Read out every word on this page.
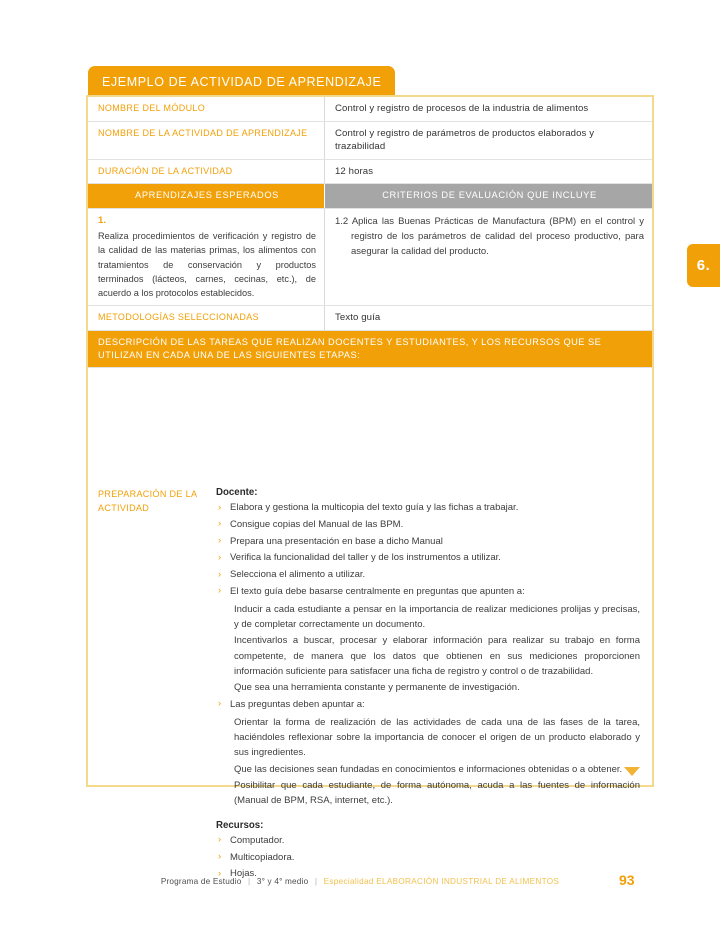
6.
EJEMPLO DE ACTIVIDAD DE APRENDIZAJE
NOMBRE DEL MÓDULO	Control y registro de procesos de la industria de alimentos
NOMBRE DE LA ACTIVIDAD DE APRENDIZAJE	Control y registro de parámetros de productos elaborados y trazabilidad
DURACIÓN DE LA ACTIVIDAD	12 horas
APRENDIZAJES ESPERADOS	CRITERIOS DE EVALUACIÓN QUE INCLUYE

1.
Realiza procedimientos de verificación y registro de la calidad de las materias primas, los alimentos con tratamientos de conservación y productos terminados (lácteos, carnes, cecinas, etc.), de acuerdo a los protocolos establecidos.	1.2 Aplica las Buenas Prácticas de Manufactura (BPM) en el control y registro de los parámetros de calidad del proceso productivo, para asegurar la calidad del producto.

METODOLOGÍAS SELECCIONADAS	Texto guía
DESCRIPCIÓN DE LAS TAREAS QUE REALIZAN DOCENTES Y ESTUDIANTES, Y LOS RECURSOS QUE SE UTILIZAN EN CADA UNA DE LAS SIGUIENTES ETAPAS:	
PREPARACIÓN DE LA ACTIVIDAD
Docente:
› Elabora y gestiona la multicopia del texto guía y las fichas a trabajar.
› Consigue copias del Manual de las BPM.
› Prepara una presentación en base a dicho Manual
› Verifica la funcionalidad del taller y de los instrumentos a utilizar.
› Selecciona el alimento a utilizar.
› El texto guía debe basarse centralmente en preguntas que apunten a:
Inducir a cada estudiante a pensar en la importancia de realizar mediciones prolijas y precisas, y de completar correctamente un documento.
Incentivarlos a buscar, procesar y elaborar información para realizar su trabajo en forma competente, de manera que los datos que obtienen en sus mediciones proporcionen información suficiente para satisfacer una ficha de registro y control o de trazabilidad.
Que sea una herramienta constante y permanente de investigación.
› Las preguntas deben apuntar a:
Orientar la forma de realización de las actividades de cada una de las fases de la tarea, haciéndoles reflexionar sobre la importancia de conocer el origen de un producto elaborado y sus ingredientes.
Que las decisiones sean fundadas en conocimientos e informaciones obtenidas o a obtener.
Posibilitar que cada estudiante, de forma autónoma, acuda a las fuentes de información (Manual de BPM, RSA, internet, etc.).
Recursos:
› Computador.
› Multicopiadora.
› Hojas.
Programa de Estudio | 3° y 4° medio | Especialidad ELABORACIÓN INDUSTRIAL DE ALIMENTOS	93
